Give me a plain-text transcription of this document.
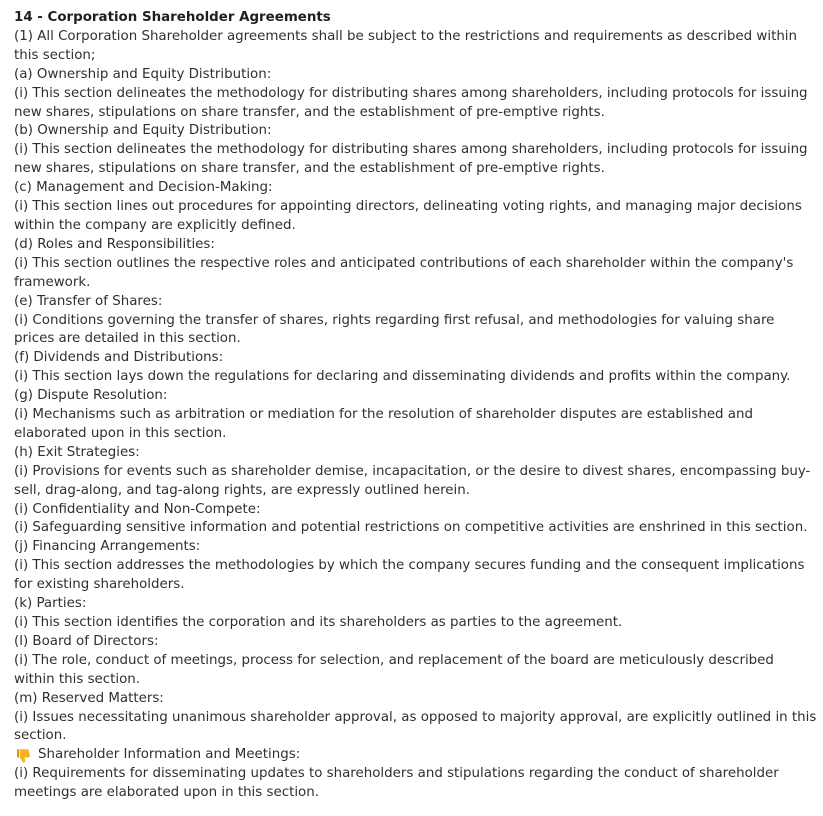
14 - Corporation Shareholder Agreements
(1) All Corporation Shareholder agreements shall be subject to the restrictions and requirements as described within this section;
(a) Ownership and Equity Distribution:
(i) This section delineates the methodology for distributing shares among shareholders, including protocols for issuing new shares, stipulations on share transfer, and the establishment of pre-emptive rights.
(b) Ownership and Equity Distribution:
(i) This section delineates the methodology for distributing shares among shareholders, including protocols for issuing new shares, stipulations on share transfer, and the establishment of pre-emptive rights.
(c) Management and Decision-Making:
(i) This section lines out procedures for appointing directors, delineating voting rights, and managing major decisions within the company are explicitly defined.
(d) Roles and Responsibilities:
(i) This section outlines the respective roles and anticipated contributions of each shareholder within the company's framework.
(e) Transfer of Shares:
(i) Conditions governing the transfer of shares, rights regarding first refusal, and methodologies for valuing share prices are detailed in this section.
(f) Dividends and Distributions:
(i) This section lays down the regulations for declaring and disseminating dividends and profits within the company.
(g) Dispute Resolution:
(i) Mechanisms such as arbitration or mediation for the resolution of shareholder disputes are established and elaborated upon in this section.
(h) Exit Strategies:
(i) Provisions for events such as shareholder demise, incapacitation, or the desire to divest shares, encompassing buy-sell, drag-along, and tag-along rights, are expressly outlined herein.
(i) Confidentiality and Non-Compete:
(i) Safeguarding sensitive information and potential restrictions on competitive activities are enshrined in this section.
(j) Financing Arrangements:
(i) This section addresses the methodologies by which the company secures funding and the consequent implications for existing shareholders.
(k) Parties:
(i) This section identifies the corporation and its shareholders as parties to the agreement.
(l) Board of Directors:
(i) The role, conduct of meetings, process for selection, and replacement of the board are meticulously described within this section.
(m) Reserved Matters:
(i) Issues necessitating unanimous shareholder approval, as opposed to majority approval, are explicitly outlined in this section.
Shareholder Information and Meetings:
(i) Requirements for disseminating updates to shareholders and stipulations regarding the conduct of shareholder meetings are elaborated upon in this section.
